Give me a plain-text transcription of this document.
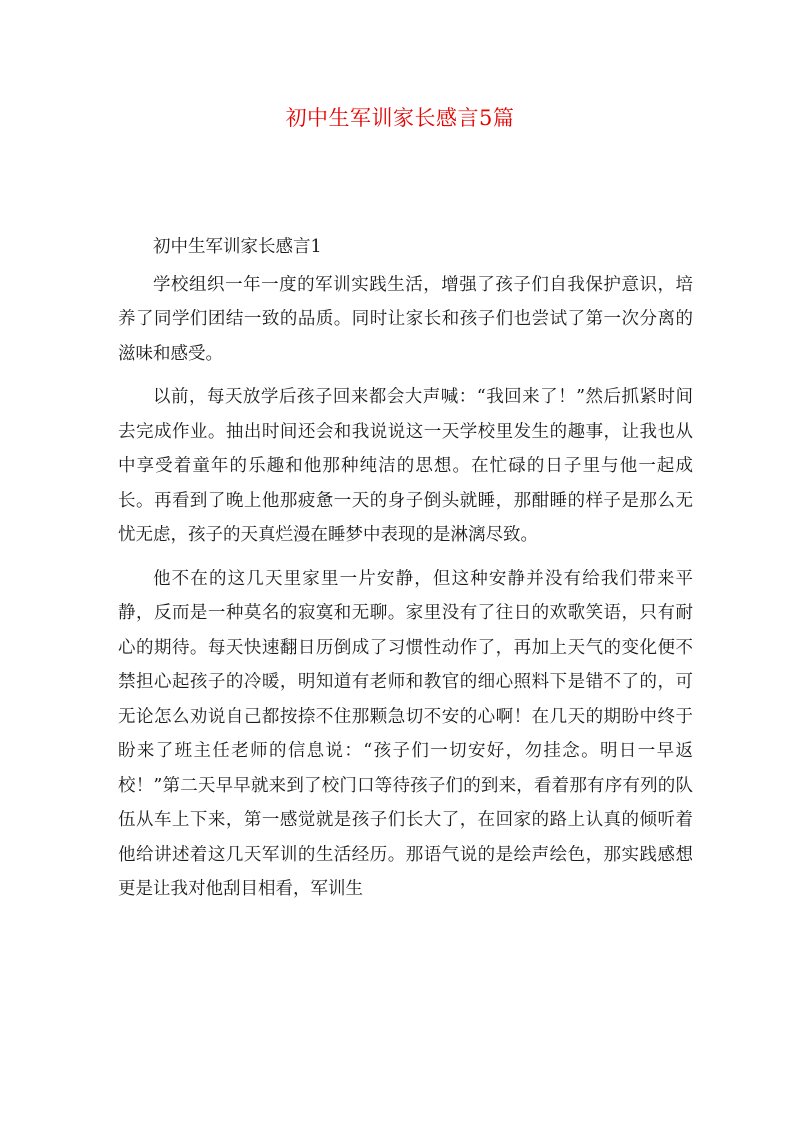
初中生军训家长感言5篇

初中生军训家长感言1

学校组织一年一度的军训实践生活，增强了孩子们自我保护意识，培养了同学们团结一致的品质。同时让家长和孩子们也尝试了第一次分离的滋味和感受。

以前，每天放学后孩子回来都会大声喊：“我回来了！”然后抓紧时间去完成作业。抽出时间还会和我说说这一天学校里发生的趣事，让我也从中享受着童年的乐趣和他那种纯洁的思想。在忙碌的日子里与他一起成长。再看到了晚上他那疲惫一天的身子倒头就睡，那酣睡的样子是那么无忧无虑，孩子的天真烂漫在睡梦中表现的是淋漓尽致。

他不在的这几天里家里一片安静，但这种安静并没有给我们带来平静，反而是一种莫名的寂寞和无聊。家里没有了往日的欢歌笑语，只有耐心的期待。每天快速翻日历倒成了习惯性动作了，再加上天气的变化便不禁担心起孩子的冷暖，明知道有老师和教官的细心照料下是错不了的，可无论怎么劝说自己都按捺不住那颗急切不安的心啊！在几天的期盼中终于盼来了班主任老师的信息说：“孩子们一切安好，勿挂念。明日一早返校！”第二天早早就来到了校门口等待孩子们的到来，看着那有序有列的队伍从车上下来，第一感觉就是孩子们长大了，在回家的路上认真的倾听着他给讲述着这几天军训的生活经历。那语气说的是绘声绘色，那实践感想更是让我对他刮目相看，军训生
